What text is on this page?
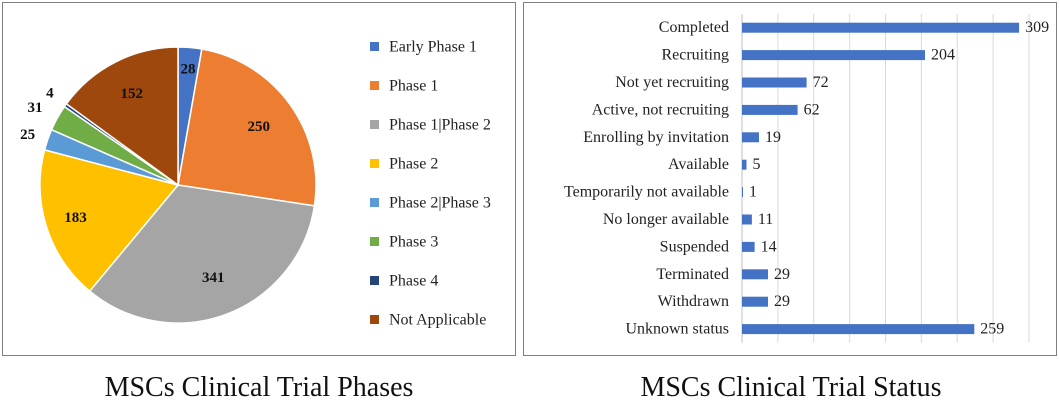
28
250
341
183
25
31
4	152
Early Phase 1
Phase 1
Phase 1|Phase 2
Phase 2
Phase 2|Phase 3
Phase 3
Phase 4
Not Applicable
Completed
Recruiting
Not yet recruiting
Active, not recruiting
Enrolling by invitation
Available
Temporarily not available
No longer available
Suspended
Terminated
Withdrawn
Unknown status
309
204
72
62
19
5
1
11
14
29
29
259
MSCs Clinical Trial Phases	MSCs Clinical Trial Status
